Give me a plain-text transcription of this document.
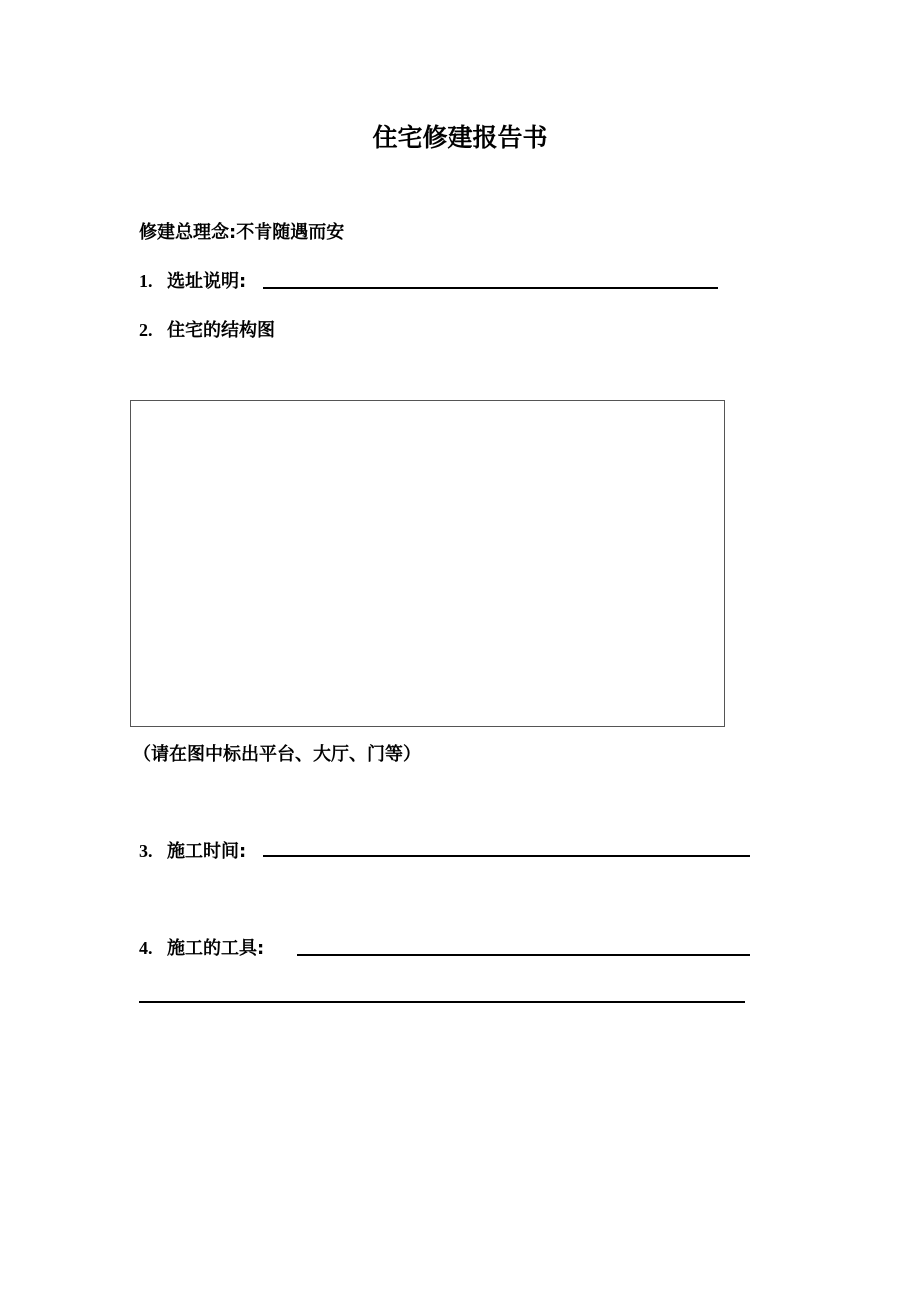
住宅修建报告书
修建总理念:不肯随遇而安
1. 选址说明:
2. 住宅的结构图
（请在图中标出平台、大厅、门等）
3. 施工时间:
4. 施工的工具:
